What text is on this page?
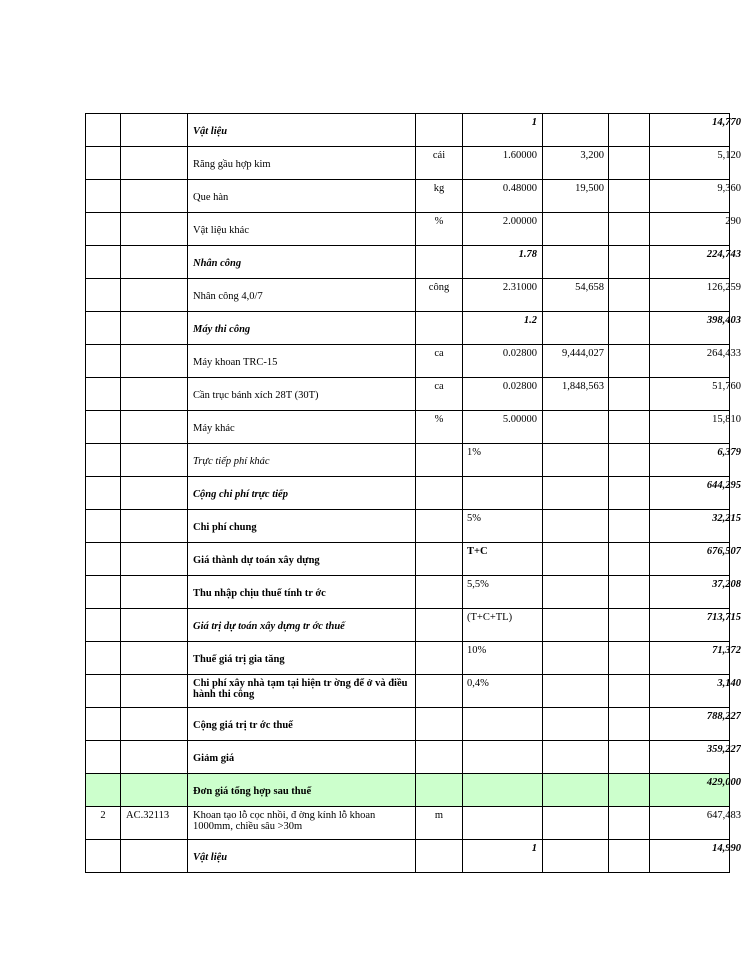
		Vật liệu		1			14,770

		Răng gầu hợp kim	cái	1.60000	3,200		5,120

		Que hàn	kg	0.48000	19,500		9,360

		Vật liệu khác	%	2.00000			290

		Nhân công		1.78			224,743

		Nhân công 4,0/7	công	2.31000	54,658		126,259

		Máy thi công		1.2			398,403

		Máy khoan TRC-15	ca	0.02800	9,444,027		264,433

		Cần trục bánh xích 28T (30T)	ca	0.02800	1,848,563		51,760

		Máy khác	%	5.00000			15,810

		Trực tiếp phí khác		1%			6,379

		Cộng chi phí trực tiếp					644,295

		Chi phí chung		5%			32,215

		Giá thành dự toán xây dựng		T+C			676,507

		Thu nhập chịu thuế tính tr ớc		5,5%			37,208

		Giá trị dự toán xây dựng tr ớc thuế		(T+C+TL)			713,715

		Thuế giá trị gia tăng		10%			71,372

		Chi phí xây nhà tạm tại hiện tr ờng để ở và điều hành thi công		0,4%			3,140

		Cộng giá trị tr ớc thuế					788,227

		Giảm giá					359,227

		Đơn giá tổng hợp sau thuế					429,000
2	AC.32113	Khoan tạo lỗ cọc nhồi, đ ờng kính lỗ khoan 1000mm, chiều sâu >30m	m				647,483

		Vật liệu		1			14,990
